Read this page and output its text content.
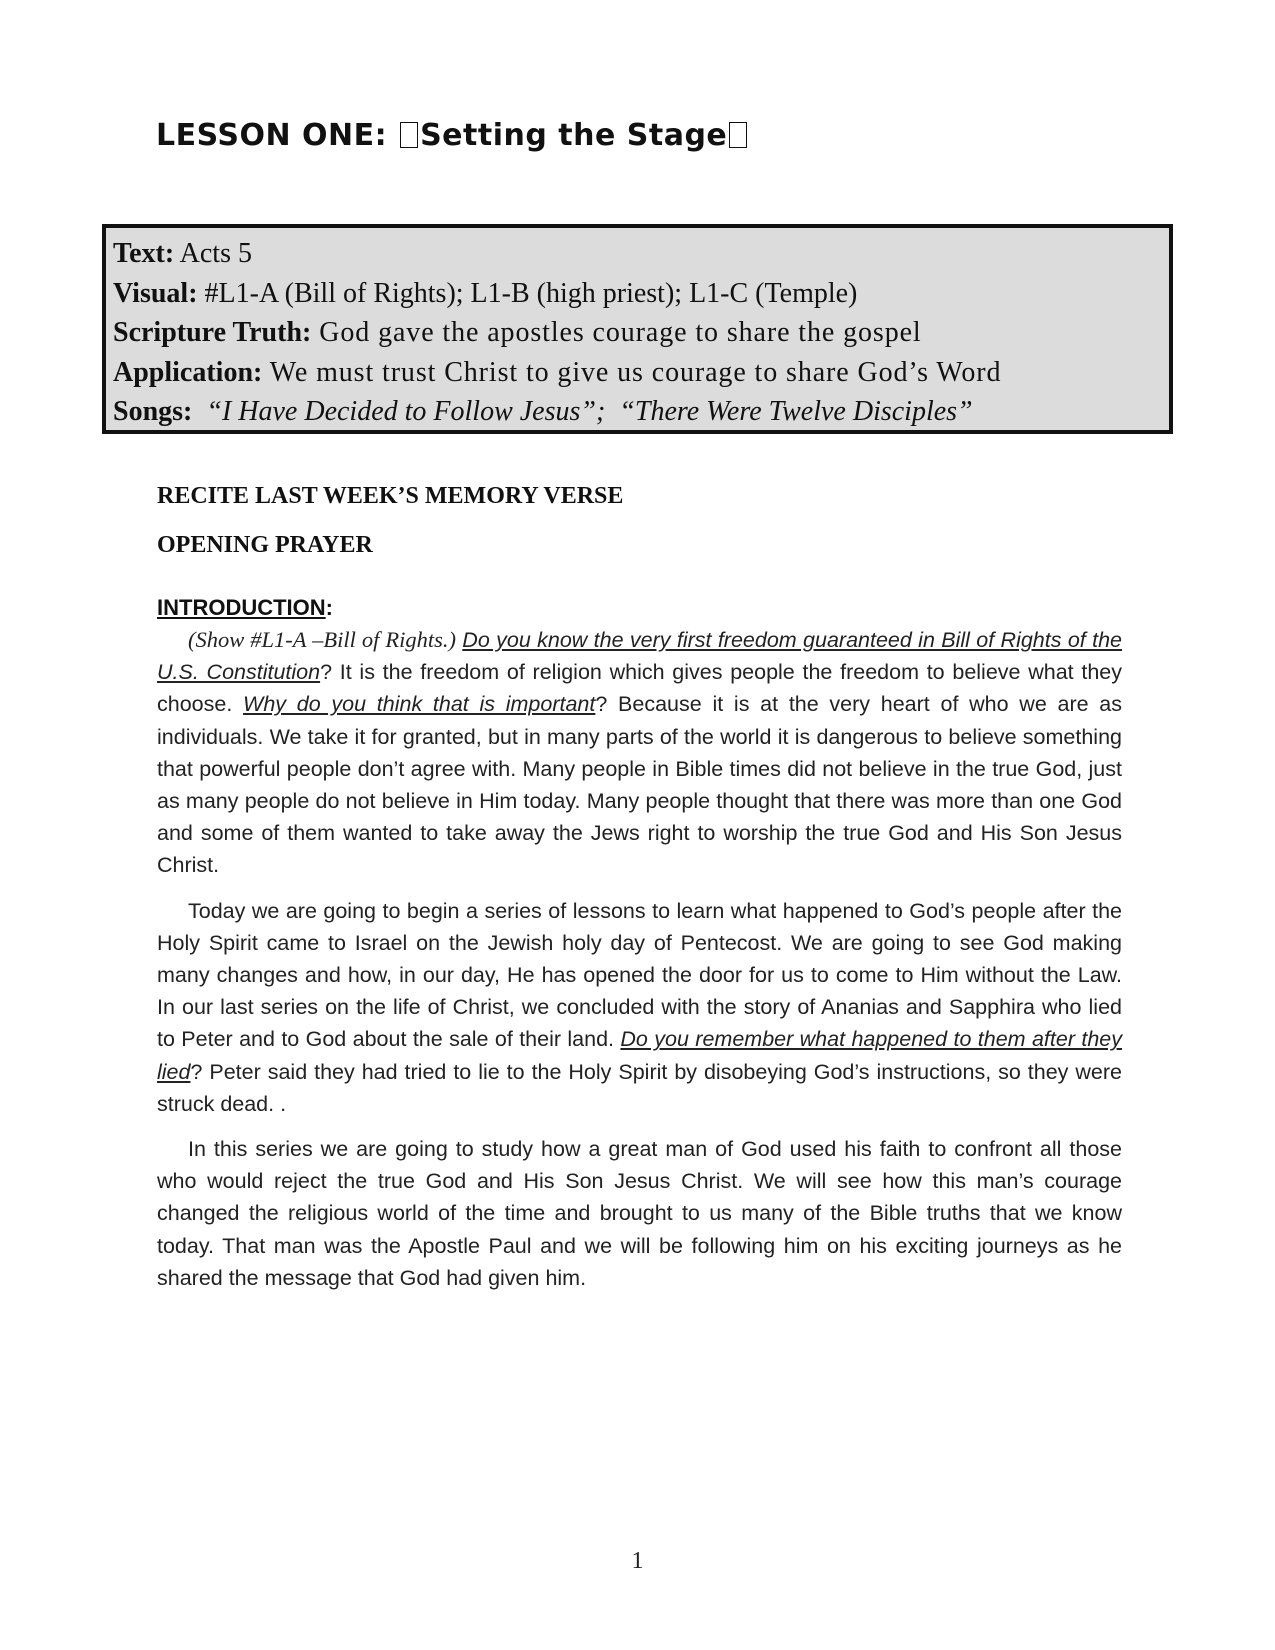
LESSON ONE: Setting the Stage
Text: Acts 5
Visual: #L1-A (Bill of Rights); L1-B (high priest); L1-C (Temple)
Scripture Truth: God gave the apostles courage to share the gospel
Application: We must trust Christ to give us courage to share God’s Word
Songs:  “I Have Decided to Follow Jesus”;  “There Were Twelve Disciples”
RECITE LAST WEEK’S MEMORY VERSE
OPENING PRAYER
INTRODUCTION:

(Show #L1-A –Bill of Rights.) Do you know the very first freedom guaranteed in Bill of Rights of the U.S. Constitution? It is the freedom of religion which gives people the freedom to believe what they choose. Why do you think that is important? Because it is at the very heart of who we are as individuals. We take it for granted, but in many parts of the world it is dangerous to believe something that powerful people don’t agree with. Many people in Bible times did not believe in the true God, just as many people do not believe in Him today. Many people thought that there was more than one God and some of them wanted to take away the Jews right to worship the true God and His Son Jesus Christ.

Today we are going to begin a series of lessons to learn what happened to God’s people after the Holy Spirit came to Israel on the Jewish holy day of Pentecost. We are going to see God making many changes and how, in our day, He has opened the door for us to come to Him without the Law. In our last series on the life of Christ, we concluded with the story of Ananias and Sapphira who lied to Peter and to God about the sale of their land. Do you remember what happened to them after they lied? Peter said they had tried to lie to the Holy Spirit by disobeying God’s instructions, so they were struck dead. .

In this series we are going to study how a great man of God used his faith to confront all those who would reject the true God and His Son Jesus Christ. We will see how this man’s courage changed the religious world of the time and brought to us many of the Bible truths that we know today. That man was the Apostle Paul and we will be following him on his exciting journeys as he shared the message that God had given him.

1
